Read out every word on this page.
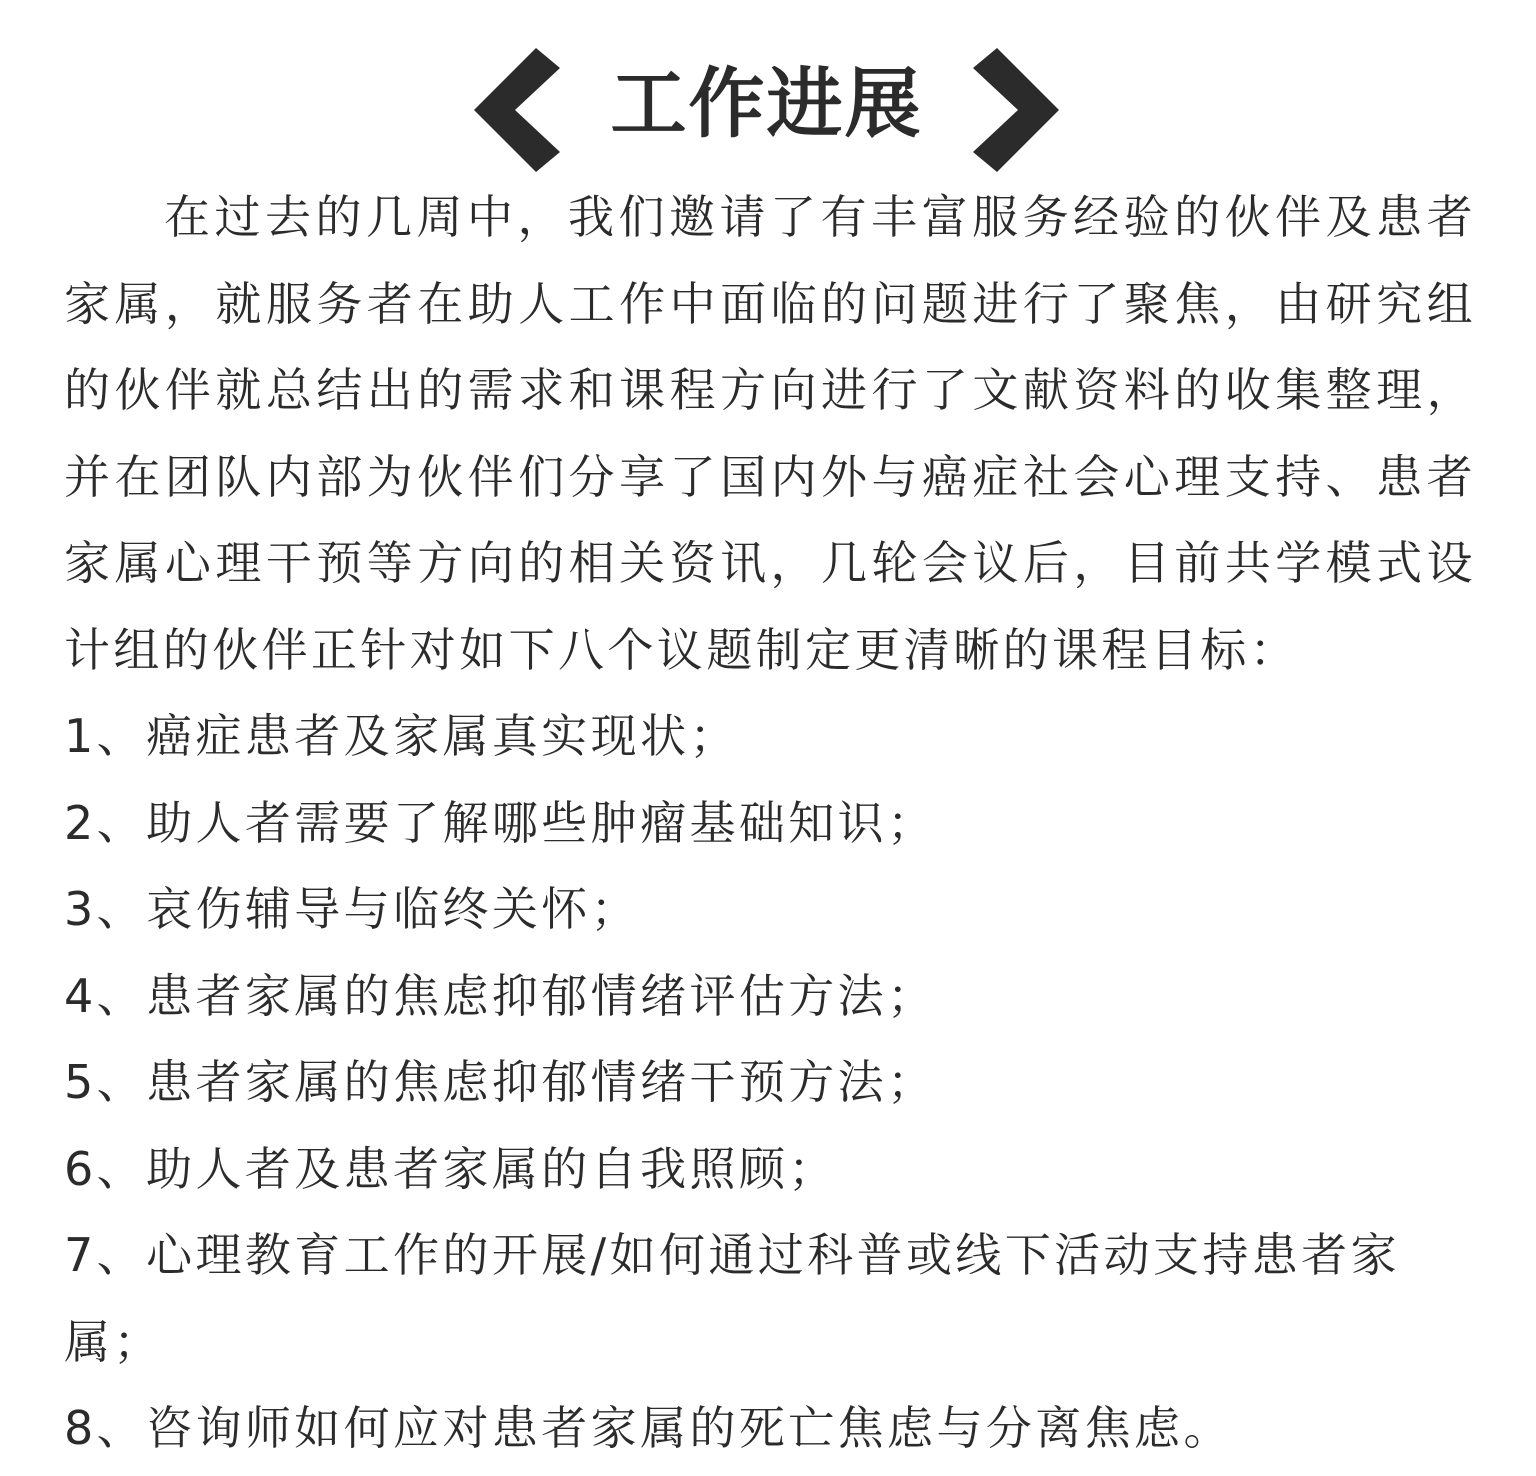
工作进展

在过去的几周中，我们邀请了有丰富服务经验的伙伴及患者家属，就服务者在助人工作中面临的问题进行了聚焦，由研究组的伙伴就总结出的需求和课程方向进行了文献资料的收集整理，并在团队内部为伙伴们分享了国内外与癌症社会心理支持、患者家属心理干预等方向的相关资讯，几轮会议后，目前共学模式设计组的伙伴正针对如下八个议题制定更清晰的课程目标：

1、癌症患者及家属真实现状；
2、助人者需要了解哪些肿瘤基础知识；
3、哀伤辅导与临终关怀；
4、患者家属的焦虑抑郁情绪评估方法；
5、患者家属的焦虑抑郁情绪干预方法；
6、助人者及患者家属的自我照顾；
7、心理教育工作的开展/如何通过科普或线下活动支持患者家属；
8、咨询师如何应对患者家属的死亡焦虑与分离焦虑。
